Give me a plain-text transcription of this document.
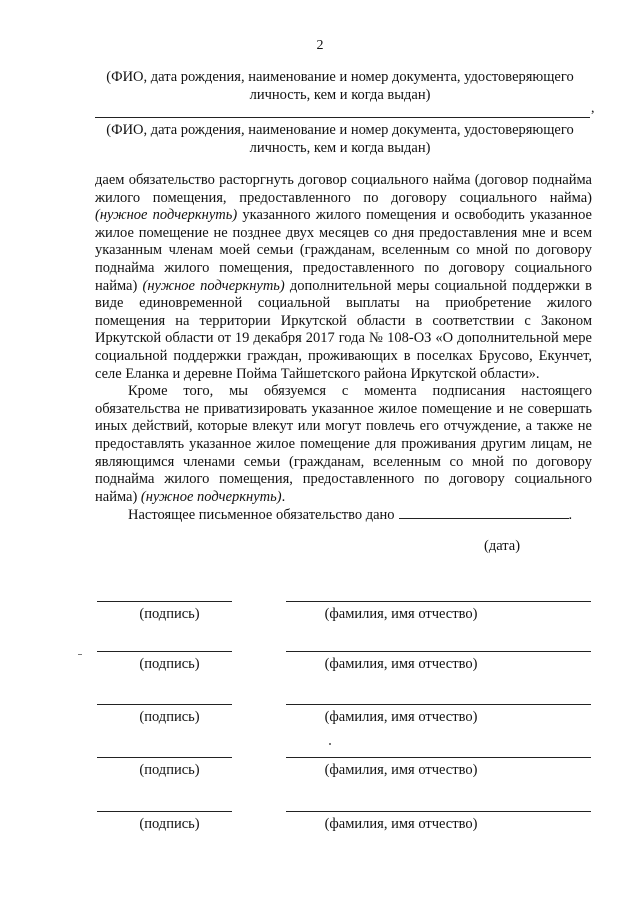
2
(ФИО, дата рождения, наименование и номер документа, удостоверяющего личность, кем и когда выдан)
,
(ФИО, дата рождения, наименование и номер документа, удостоверяющего личность, кем и когда выдан)

даем обязательство расторгнуть договор социального найма (договор поднайма жилого помещения, предоставленного по договору социального найма) (нужное подчеркнуть) указанного жилого помещения и освободить указанное жилое помещение не позднее двух месяцев со дня предоставления мне и всем указанным членам моей семьи (гражданам, вселенным со мной по договору поднайма жилого помещения, предоставленного по договору социального найма) (нужное подчеркнуть) дополнительной меры социальной поддержки в виде единовременной социальной выплаты на приобретение жилого помещения на территории Иркутской области в соответствии с Законом Иркутской области от 19 декабря 2017 года № 108-ОЗ «О дополнительной мере социальной поддержки граждан, проживающих в поселках Брусово, Екунчет, селе Еланка и деревне Пойма Тайшетского района Иркутской области».

Кроме того, мы обязуемся с момента подписания настоящего обязательства не приватизировать указанное жилое помещение и не совершать иных действий, которые влекут или могут повлечь его отчуждение, а также не предоставлять указанное жилое помещение для проживания другим лицам, не являющимся членами семьи (гражданам, вселенным со мной по договору поднайма жилого помещения, предоставленного по договору социального найма) (нужное подчеркнуть).

Настоящее письменное обязательство дано	.

(дата)
(подпись)	(фамилия, имя отчество)
(подпись)	(фамилия, имя отчество)
(подпись)	(фамилия, имя отчество)
(подпись)	(фамилия, имя отчество)
(подпись)	(фамилия, имя отчество)
